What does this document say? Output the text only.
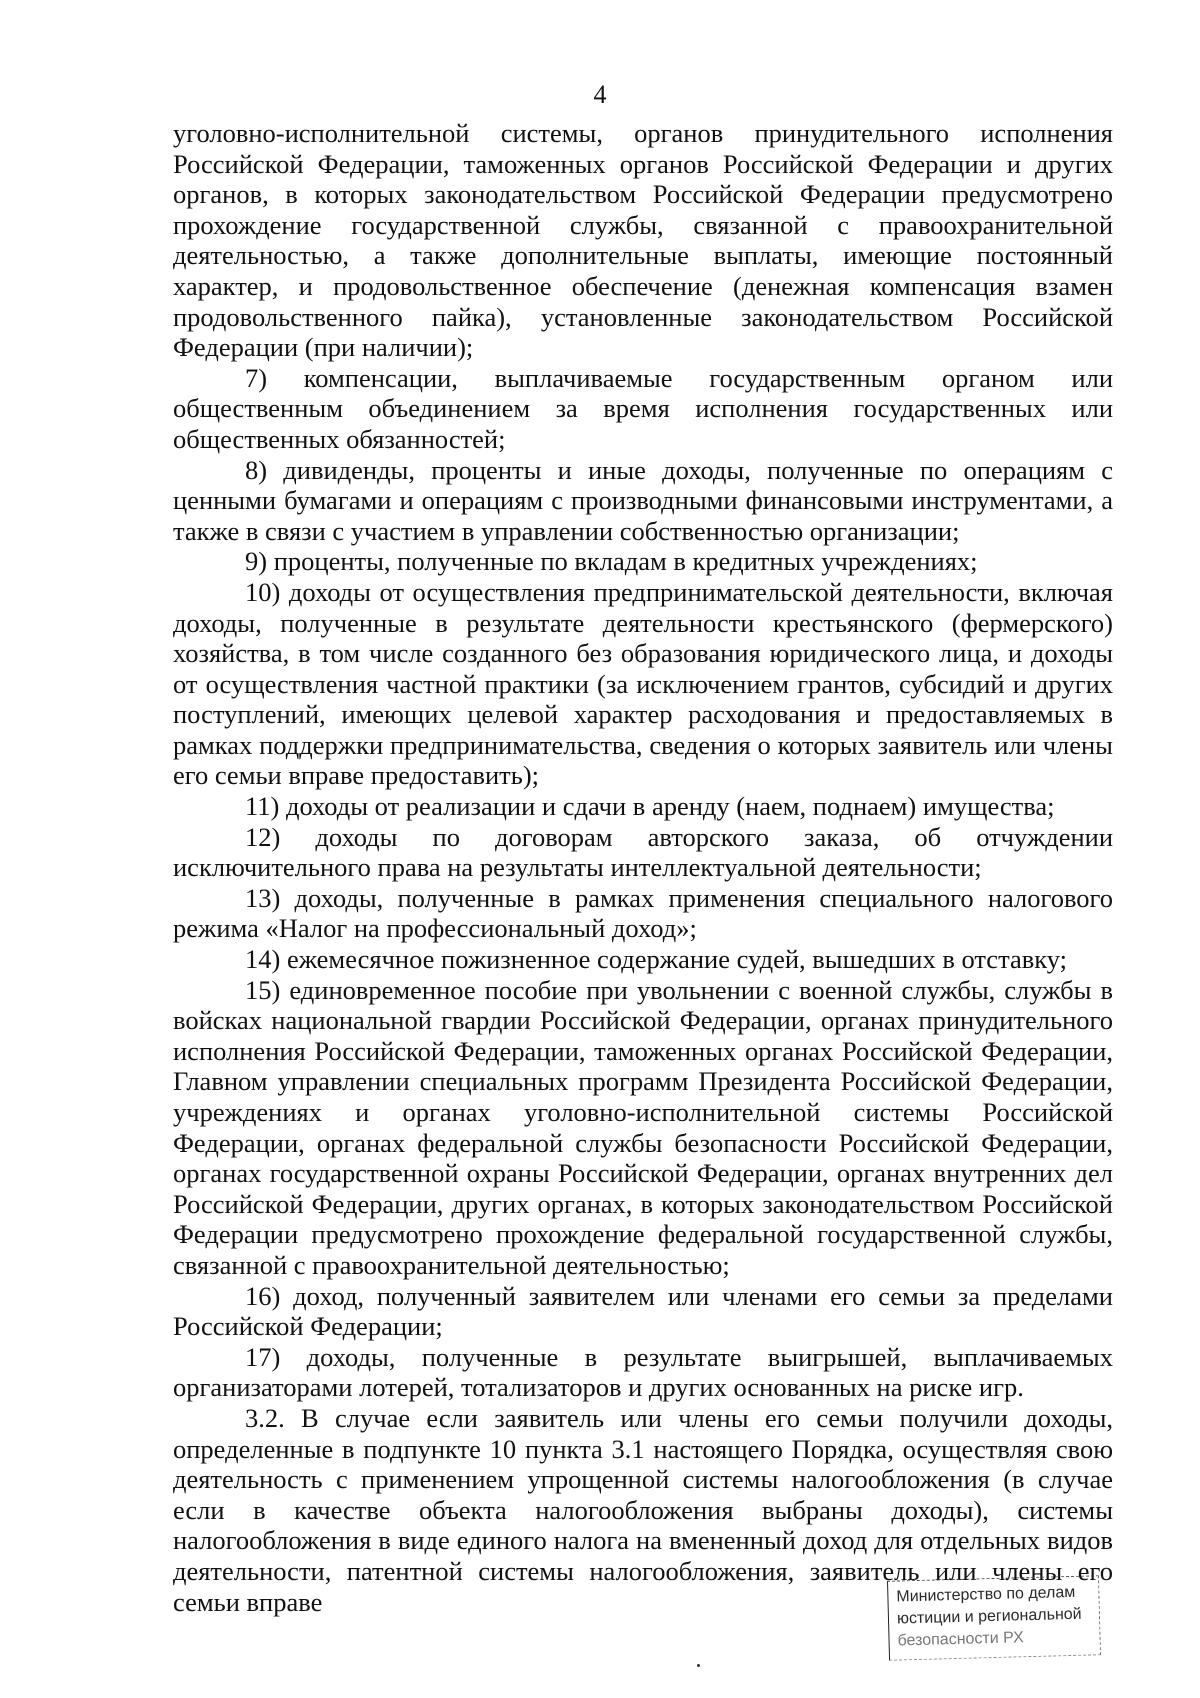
4

уголовно-исполнительной системы, органов принудительного исполнения Российской Федерации, таможенных органов Российской Федерации и других органов, в которых законодательством Российской Федерации предусмотрено прохождение государственной службы, связанной с правоохранительной деятельностью, а также дополнительные выплаты, имеющие постоянный характер, и продовольственное обеспечение (денежная компенсация взамен продовольственного пайка), установленные законодательством Российской Федерации (при наличии);

7) компенсации, выплачиваемые государственным органом или общественным объединением за время исполнения государственных или общественных обязанностей;

8) дивиденды, проценты и иные доходы, полученные по операциям с ценными бумагами и операциям с производными финансовыми инструментами, а также в связи с участием в управлении собственностью организации;

9) проценты, полученные по вкладам в кредитных учреждениях;

10) доходы от осуществления предпринимательской деятельности, включая доходы, полученные в результате деятельности крестьянского (фермерского) хозяйства, в том числе созданного без образования юридического лица, и доходы от осуществления частной практики (за исключением грантов, субсидий и других поступлений, имеющих целевой характер расходования и предоставляемых в рамках поддержки предпринимательства, сведения о которых заявитель или члены его семьи вправе предоставить);

11) доходы от реализации и сдачи в аренду (наем, поднаем) имущества;

12) доходы по договорам авторского заказа, об отчуждении исключительного права на результаты интеллектуальной деятельности;

13) доходы, полученные в рамках применения специального налогового режима «Налог на профессиональный доход»;

14) ежемесячное пожизненное содержание судей, вышедших в отставку;

15) единовременное пособие при увольнении с военной службы, службы в войсках национальной гвардии Российской Федерации, органах принудительного исполнения Российской Федерации, таможенных органах Российской Федерации, Главном управлении специальных программ Президента Российской Федерации, учреждениях и органах уголовно-исполнительной системы Российской Федерации, органах федеральной службы безопасности Российской Федерации, органах государственной охраны Российской Федерации, органах внутренних дел Российской Федерации, других органах, в которых законодательством Российской Федерации предусмотрено прохождение федеральной государственной службы, связанной с правоохранительной деятельностью;

16) доход, полученный заявителем или членами его семьи за пределами Российской Федерации;

17) доходы, полученные в результате выигрышей, выплачиваемых организаторами лотерей, тотализаторов и других основанных на риске игр.

3.2. В случае если заявитель или члены его семьи получили доходы, определенные в подпункте 10 пункта 3.1 настоящего Порядка, осуществляя свою деятельность с применением упрощенной системы налогообложения (в случае если в качестве объекта налогообложения выбраны доходы), системы налогообложения в виде единого налога на вмененный доход для отдельных видов деятельности, патентной системы налогообложения, заявитель или члены его семьи вправе	Министерство по делам
юстиции и региональной
безопасности РХ
